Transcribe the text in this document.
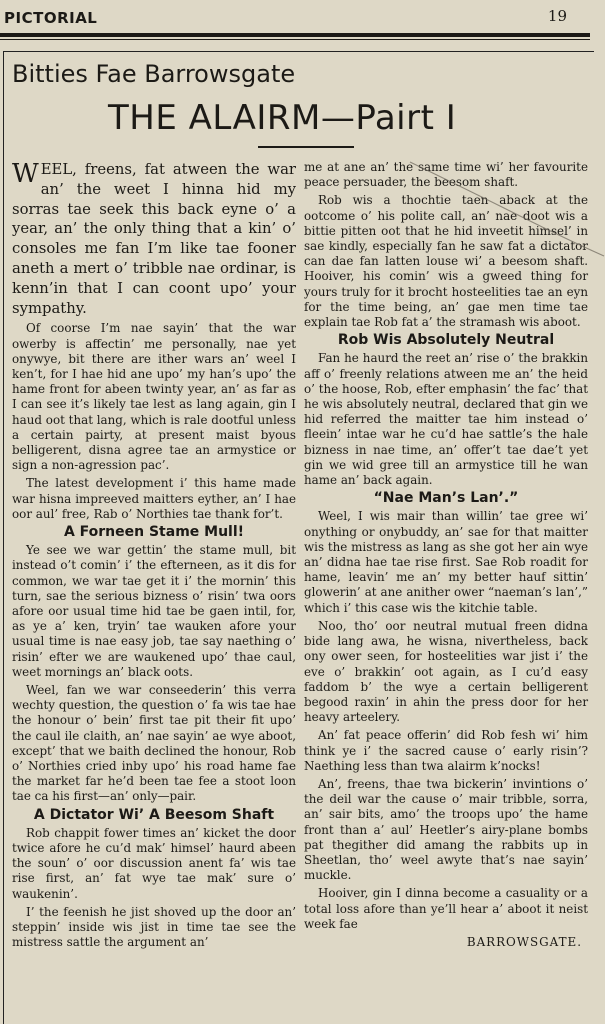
PICTORIAL	19
Bitties Fae Barrowsgate
THE ALAIRM—Pairt I

WEEL, freens, fat atween the war an’ the weet I hinna hid my sorras tae seek this back eyne o’ a year, an’ the only thing that a kin’ o’ consoles me fan I’m like tae fooner aneth a mert o’ tribble nae ordinar, is kenn’in that I can coont upo’ your sympathy.

Of coorse I’m nae sayin’ that the war owerby is affectin’ me personally, nae yet onywye, bit there are ither wars an’ weel I ken’t, for I hae hid ane upo’ my han’s upo’ the hame front for abeen twinty year, an’ as far as I can see it’s likely tae lest as lang again, gin I haud oot that lang, which is rale dootful unless a certain pairty, at present maist byous belligerent, disna agree tae an armystice or sign a non-agression pac’.

The latest development i’ this hame made war hisna impreeved maitters eyther, an’ I hae oor aul’ free, Rab o’ Northies tae thank for’t.

A Forneen Stame Mull!

Ye see we war gettin’ the stame mull, bit instead o’t comin’ i’ the efterneen, as it dis for common, we war tae get it i’ the mornin’ this turn, sae the serious bizness o’ risin’ twa oors afore oor usual time hid tae be gaen intil, for, as ye a’ ken, tryin’ tae wauken afore your usual time is nae easy job, tae say naething o’ risin’ efter we are waukened upo’ thae caul, weet mornings an’ black oots.

Weel, fan we war conseederin’ this verra wechty question, the question o’ fa wis tae hae the honour o’ bein’ first tae pit their fit upo’ the caul ile claith, an’ nae sayin’ ae wye aboot, except’ that we baith declined the honour, Rob o’ Northies cried inby upo’ his road hame fae the market far he’d been tae fee a stoot loon tae ca his first—an’ only—pair.

A Dictator Wi’ A Beesom Shaft

Rob chappit fower times an’ kicket the door twice afore he cu’d mak’ himsel’ haurd abeen the soun’ o’ oor discussion anent fa’ wis tae rise first, an’ fat wye tae mak’ sure o’ waukenin’.

I’ the feenish he jist shoved up the door an’ steppin’ inside wis jist in time tae see the mistress sattle the argument an’

me at ane an’ the same time wi’ her favourite peace persuader, the beesom shaft.

Rob wis a thochtie taen aback at the ootcome o’ his polite call, an’ nae doot wis a bittie pitten oot that he hid inveetit himsel’ in sae kindly, especially fan he saw fat a dictator can dae fan latten louse wi’ a beesom shaft. Hooiver, his comin’ wis a gweed thing for yours truly for it brocht hosteelities tae an eyn for the time being, an’ gae men time tae explain tae Rob fat a’ the stramash wis aboot.

Rob Wis Absolutely Neutral

Fan he haurd the reet an’ rise o’ the brakkin aff o’ freenly relations atween me an’ the heid o’ the hoose, Rob, efter emphasin’ the fac’ that he wis absolutely neutral, declared that gin we hid referred the maitter tae him instead o’ fleein’ intae war he cu’d hae sattle’s the hale bizness in nae time, an’ offer’t tae dae’t yet gin we wid gree till an armystice till he wan hame an’ back again.

“Nae Man’s Lan’.”

Weel, I wis mair than willin’ tae gree wi’ onything or onybuddy, an’ sae for that maitter wis the mistress as lang as she got her ain wye an’ didna hae tae rise first. Sae Rob roadit for hame, leavin’ me an’ my better hauf sittin’ glowerin’ at ane anither ower “naeman’s lan’,” which i’ this case wis the kitchie table.

Noo, tho’ oor neutral mutual freen didna bide lang awa, he wisna, nivertheless, back ony ower seen, for hosteelities war jist i’ the eve o’ brakkin’ oot again, as I cu’d easy faddom b’ the wye a certain belligerent begood raxin’ in ahin the press door for her heavy arteelery.

An’ fat peace offerin’ did Rob fesh wi’ him think ye i’ the sacred cause o’ early risin’? Naething less than twa alairm k’nocks!

An’, freens, thae twa bickerin’ invintions o’ the deil war the cause o’ mair tribble, sorra, an’ sair bits, amo’ the troops upo’ the hame front than a’ aul’ Heetler’s airy-plane bombs pat thegither did amang the rabbits up in Sheetlan, tho’ weel awyte that’s nae sayin’ muckle.

Hooiver, gin I dinna become a casuality or a total loss afore than ye’ll hear a’ aboot it neist week fae

BARROWSGATE.
